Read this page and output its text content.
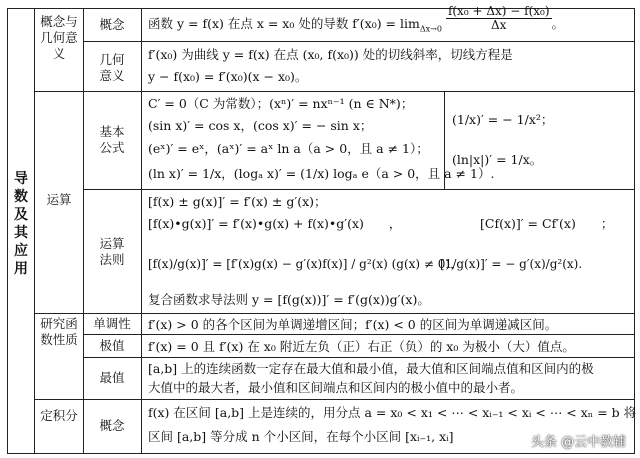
导数及其应用
概念与几何意义
运算
研究函数性质
定积分
概念
几何意义
基本公式
运算法则
单调性
极值
最值
概念
函数 y = f(x) 在点 x = x₀ 处的导数 $f'(x_0) = \lim_{\Delta x\to 0} \frac{\text{f(x₀ + Δx) − f(x₀)}}{\Delta x}$ 。
f′(x₀) 为曲线 y = f(x) 在点 (x₀, f(x₀)) 处的切线斜率，切线方程是
y − f(x₀) = f′(x₀)(x − x₀)。
C′ = 0（C 为常数）；(xⁿ)′ = nxⁿ⁻¹ (n ∈ N*)；
(sin x)′ = cos x，(cos x)′ = − sin x；
(eˣ)′ = eˣ，(aˣ)′ = aˣ ln a（a > 0，且 a ≠ 1）；
(ln x)′ = 1/x，(logₐ x)′ = (1/x) logₐ e（a > 0，且 a ≠ 1）.
(1/x)′ = − 1/x²；
(ln|x|)′ = 1/x。
[f(x) ± g(x)]′ = f′(x) ± g′(x)；
[f(x)•g(x)]′ = f′(x)•g(x) + f(x)•g′(x)　　，	[Cf(x)]′ = Cf′(x)　　；
[f(x)/g(x)]′ = [f′(x)g(x) − g′(x)f(x)] / g²(x) (g(x) ≠ 0)，
[1/g(x)]′ = − g′(x)/g²(x).
复合函数求导法则 y = [f(g(x))]′ = f′(g(x))g′(x)。
f′(x) > 0 的各个区间为单调递增区间；f′(x) < 0 的区间为单调递减区间。
f′(x) = 0 且 f′(x) 在 x₀ 附近左负（正）右正（负）的 x₀ 为极小（大）值点。
[a,b] 上的连续函数一定存在最大值和最小值，最大值和区间端点值和区间内的极
大值中的最大者，最小值和区间端点和区间内的极小值中的最小者。
f(x) 在区间 [a,b] 上是连续的，用分点 a = x₀ < x₁ < ⋯ < xᵢ₋₁ < xᵢ < ⋯ < xₙ = b 将
区间 [a,b] 等分成 n 个小区间，在每个小区间 [xᵢ₋₁, xᵢ]	头条 @云中教辅
